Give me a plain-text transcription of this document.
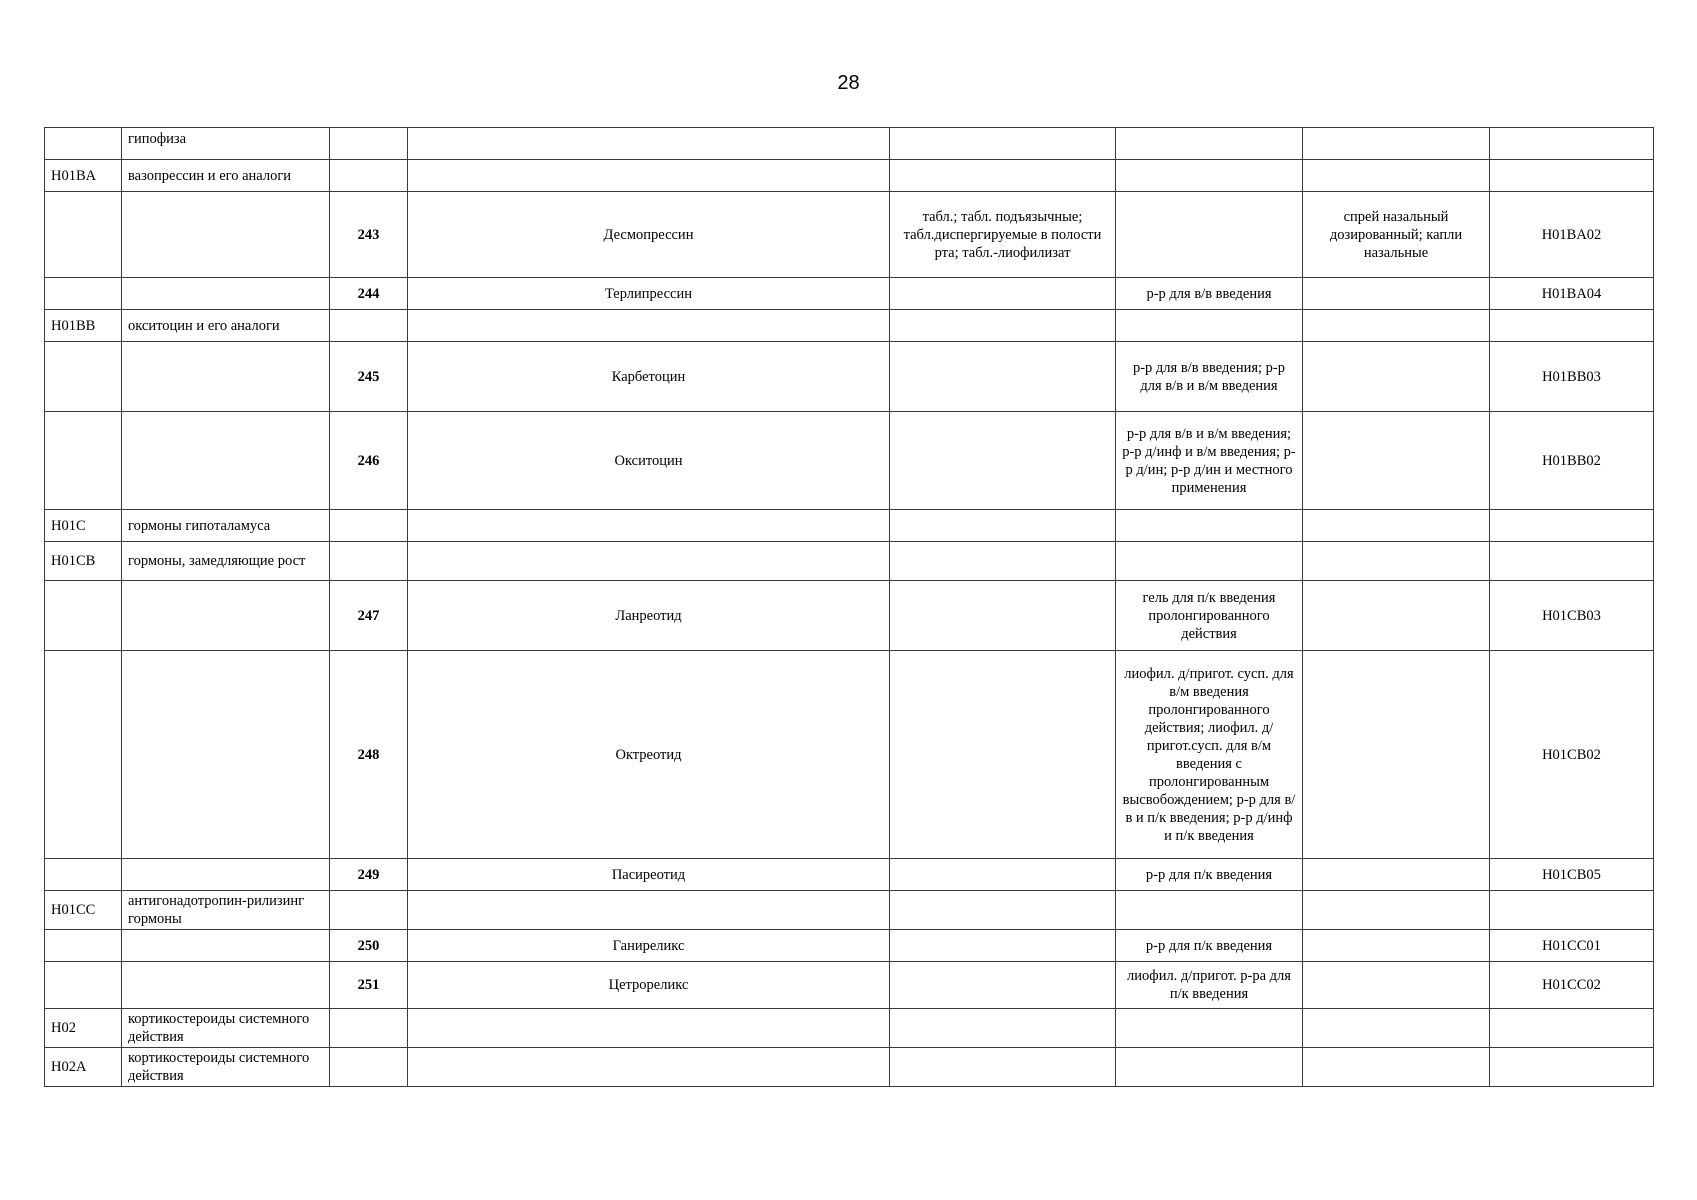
28

	гипофиза						

H01BA	вазопрессин и его аналоги						
		243	Десмопрессин	табл.; табл. подъязычные; табл.диспергируемые в полости рта; табл.-лиофилизат		спрей назальный дозированный; капли назальные	H01BA02
		244	Терлипрессин		р-р для в/в введения		H01BA04
H01BB	окситоцин и его аналоги						
		245	Карбетоцин		р-р для в/в введения; р-р для в/в и в/м введения		H01BB03
		246	Окситоцин		р-р для в/в и в/м введения; р-р д/инф и в/м введения; р-р д/ин; р-р д/ин и местного применения		H01BB02
H01C	гормоны гипоталамуса						
H01CB	гормоны, замедляющие рост						
		247	Ланреотид		гель для п/к введения пролонгированного действия		H01CB03
		248	Октреотид		лиофил. д/пригот. сусп. для в/м введения пролонгированного действия; лиофил. д/пригот.сусп. для в/м введения с пролонгированным высвобождением; р-р для в/в и п/к введения; р-р д/инф и п/к введения		H01CB02
		249	Пасиреотид		р-р для п/к введения		H01CB05
H01CC	антигонадотропин-рилизинг гормоны						
		250	Ганиреликс		р-р для п/к введения		H01CC01
		251	Цетрореликс		лиофил. д/пригот. р-ра для п/к введения		H01CC02
H02	кортикостероиды системного действия						
H02A	кортикостероиды системного действия						
